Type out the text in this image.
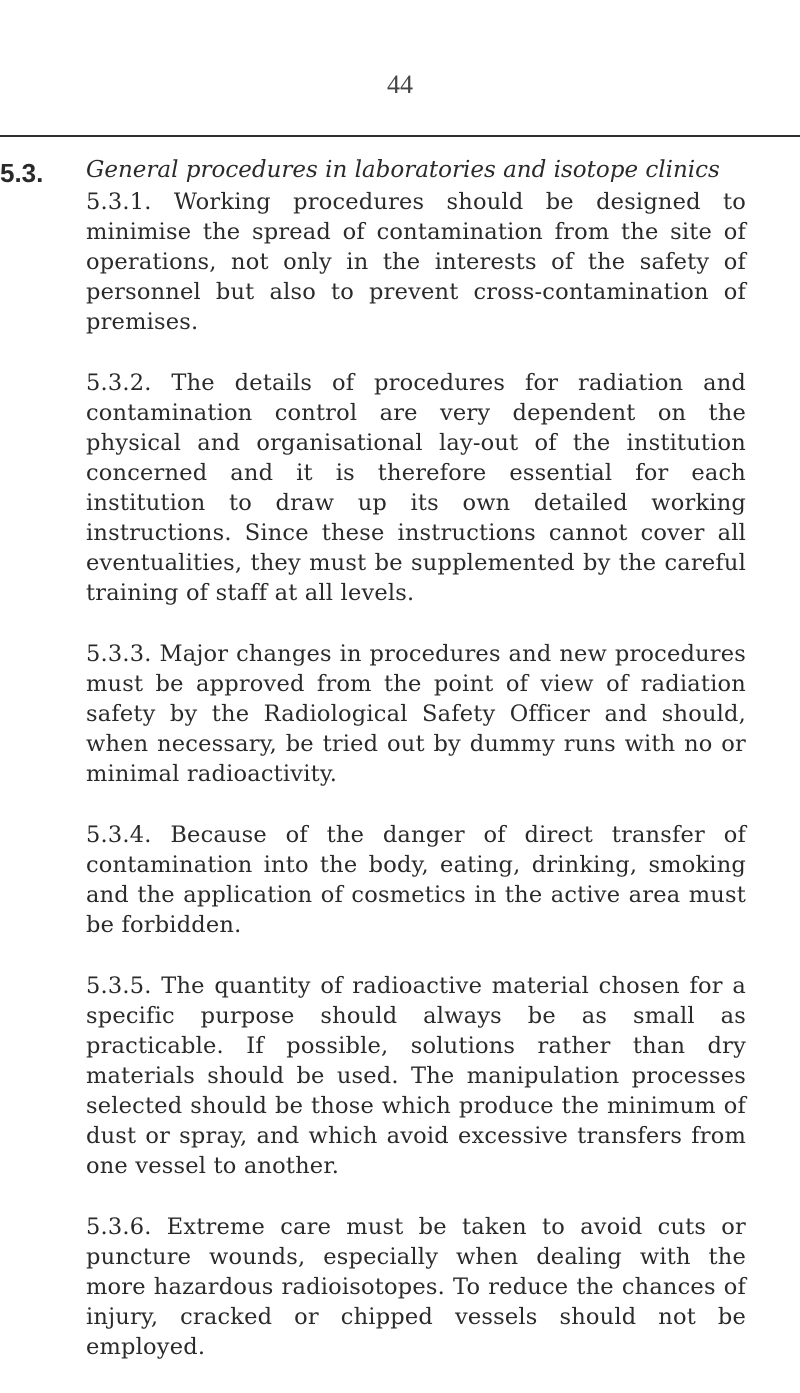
44
5.3. General procedures in laboratories and isotope clinics

5.3.1. Working procedures should be designed to minimise the spread of contamination from the site of operations, not only in the interests of the safety of personnel but also to prevent cross-contamination of premises.

5.3.2. The details of procedures for radiation and contamination control are very dependent on the physical and organisational lay-out of the institution concerned and it is therefore essential for each institution to draw up its own detailed working instructions. Since these instructions cannot cover all eventualities, they must be supplemented by the careful training of staff at all levels.

5.3.3. Major changes in procedures and new procedures must be approved from the point of view of radiation safety by the Radiological Safety Officer and should, when necessary, be tried out by dummy runs with no or minimal radioactivity.

5.3.4. Because of the danger of direct transfer of contamination into the body, eating, drinking, smoking and the application of cosmetics in the active area must be forbidden.

5.3.5. The quantity of radioactive material chosen for a specific purpose should always be as small as practicable. If possible, solutions rather than dry materials should be used. The manipulation processes selected should be those which produce the minimum of dust or spray, and which avoid excessive transfers from one vessel to another.

5.3.6. Extreme care must be taken to avoid cuts or puncture wounds, especially when dealing with the more hazardous radioisotopes. To reduce the chances of injury, cracked or chipped vessels should not be employed.
